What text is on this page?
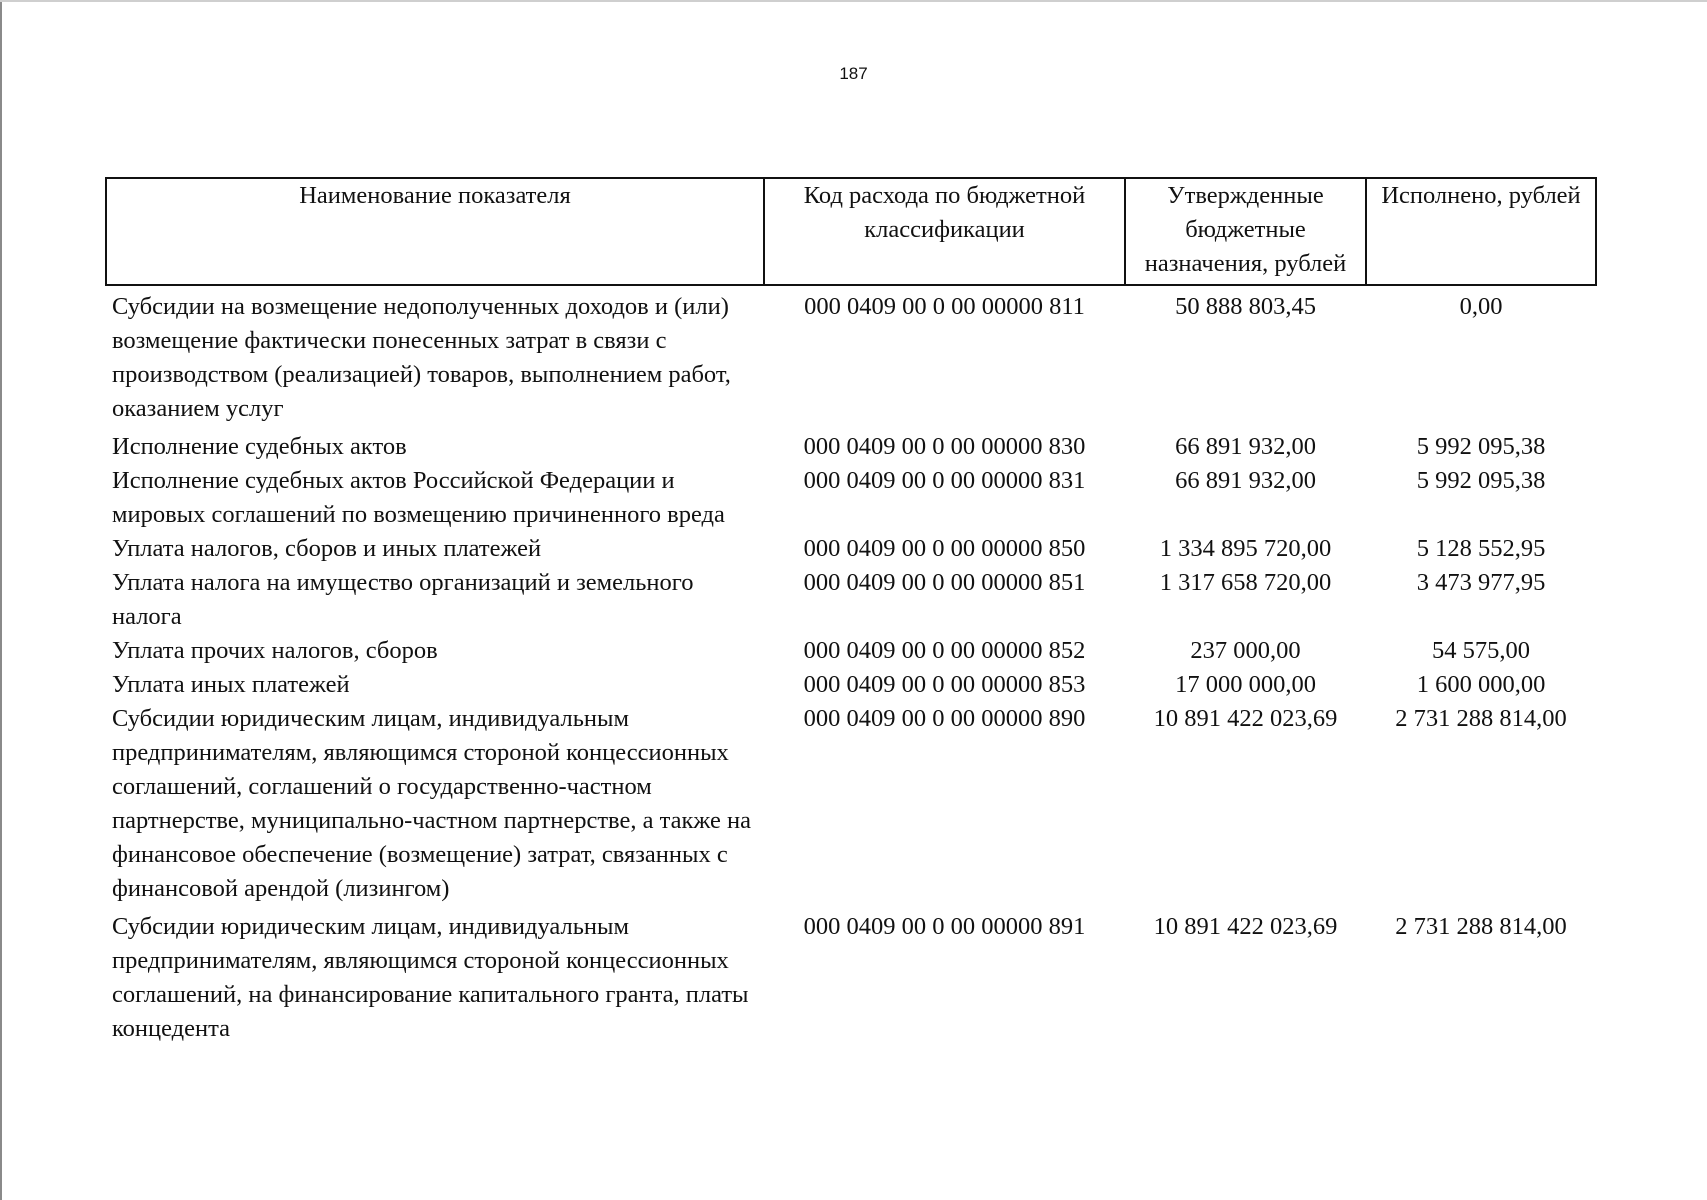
187
Наименование показателя	Код расхода по бюджетной классификации	Утвержденные бюджетные назначения, рублей	Исполнено, рублей
Субсидии на возмещение недополученных доходов и (или) возмещение фактически понесенных затрат в связи с производством (реализацией) товаров, выполнением работ, оказанием услуг	000 0409 00 0 00 00000 811	50 888 803,45	0,00
Исполнение судебных актов	000 0409 00 0 00 00000 830	66 891 932,00	5 992 095,38
Исполнение судебных актов Российской Федерации и мировых соглашений по возмещению причиненного вреда	000 0409 00 0 00 00000 831	66 891 932,00	5 992 095,38
Уплата налогов, сборов и иных платежей	000 0409 00 0 00 00000 850	1 334 895 720,00	5 128 552,95
Уплата налога на имущество организаций и земельного налога	000 0409 00 0 00 00000 851	1 317 658 720,00	3 473 977,95
Уплата прочих налогов, сборов	000 0409 00 0 00 00000 852	237 000,00	54 575,00
Уплата иных платежей	000 0409 00 0 00 00000 853	17 000 000,00	1 600 000,00
Субсидии юридическим лицам, индивидуальным предпринимателям, являющимся стороной концессионных соглашений, соглашений о государственно-частном партнерстве, муниципально-частном партнерстве, а также на финансовое обеспечение (возмещение) затрат, связанных с финансовой арендой (лизингом)	000 0409 00 0 00 00000 890	10 891 422 023,69	2 731 288 814,00
Субсидии юридическим лицам, индивидуальным предпринимателям, являющимся стороной концессионных соглашений, на финансирование капитального гранта, платы концедента	000 0409 00 0 00 00000 891	10 891 422 023,69	2 731 288 814,00
